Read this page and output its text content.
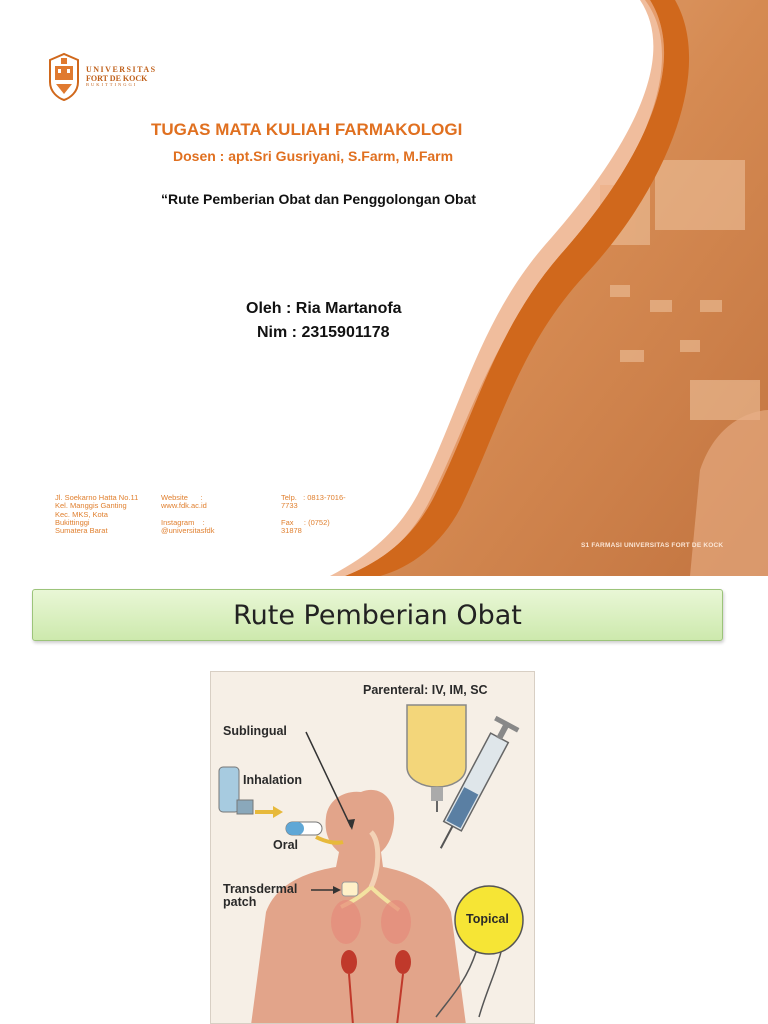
UNIVERSITAS
FORT DE KOCK
BUKITTINGGI
TUGAS MATA KULIAH FARMAKOLOGI
Dosen : apt.Sri Gusriyani, S.Farm, M.Farm
“Rute Pemberian Obat dan Penggolongan Obat
Oleh : Ria Martanofa
Nim : 2315901178
Jl. Soekarno Hatta No.11
Kel. Manggis Ganting
Kec. MKS, Kota
Bukittinggi
Sumatera Barat
Website      :
www.fdk.ac.id

Instagram    :
@universitasfdk
Telp.   : 0813-7016-
7733

Fax     : (0752)
31878
S1 FARMASI UNIVERSITAS FORT DE KOCK
Rute Pemberian Obat
Parenteral: IV, IM, SC
Sublingual
Inhalation
Oral
Transdermal
patch
Topical
